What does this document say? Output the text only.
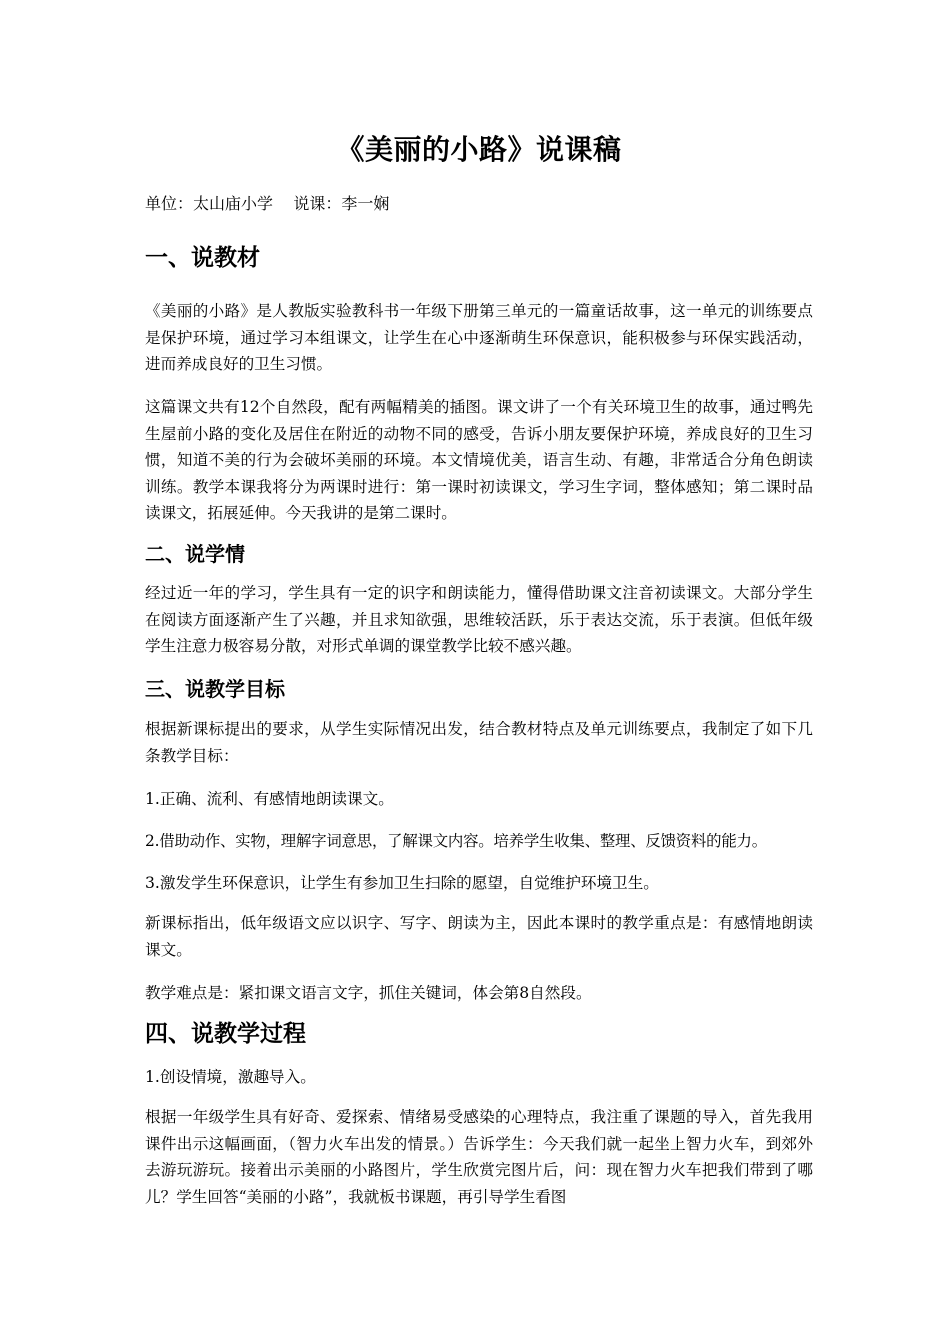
《美丽的小路》说课稿
单位：太山庙小学    说课：李一娴
一、说教材

《美丽的小路》是人教版实验教科书一年级下册第三单元的一篇童话故事，这一单元的训练要点是保护环境，通过学习本组课文，让学生在心中逐渐萌生环保意识，能积极参与环保实践活动，进而养成良好的卫生习惯。

这篇课文共有12个自然段，配有两幅精美的插图。课文讲了一个有关环境卫生的故事，通过鸭先生屋前小路的变化及居住在附近的动物不同的感受，告诉小朋友要保护环境，养成良好的卫生习惯，知道不美的行为会破坏美丽的环境。本文情境优美，语言生动、有趣，非常适合分角色朗读训练。教学本课我将分为两课时进行：第一课时初读课文，学习生字词，整体感知；第二课时品读课文，拓展延伸。今天我讲的是第二课时。

二、说学情

经过近一年的学习，学生具有一定的识字和朗读能力，懂得借助课文注音初读课文。大部分学生在阅读方面逐渐产生了兴趣，并且求知欲强，思维较活跃，乐于表达交流，乐于表演。但低年级学生注意力极容易分散，对形式单调的课堂教学比较不感兴趣。

三、说教学目标

根据新课标提出的要求，从学生实际情况出发，结合教材特点及单元训练要点，我制定了如下几条教学目标：

1.正确、流利、有感情地朗读课文。

2.借助动作、实物，理解字词意思，了解课文内容。培养学生收集、整理、反馈资料的能力。

3.激发学生环保意识，让学生有参加卫生扫除的愿望，自觉维护环境卫生。

新课标指出，低年级语文应以识字、写字、朗读为主，因此本课时的教学重点是：有感情地朗读课文。

教学难点是：紧扣课文语言文字，抓住关键词，体会第8自然段。

四、说教学过程

1.创设情境，激趣导入。

根据一年级学生具有好奇、爱探索、情绪易受感染的心理特点，我注重了课题的导入，首先我用课件出示这幅画面，（智力火车出发的情景。）告诉学生：今天我们就一起坐上智力火车，到郊外去游玩游玩。接着出示美丽的小路图片，学生欣赏完图片后，问：现在智力火车把我们带到了哪儿？学生回答“美丽的小路”，我就板书课题，再引导学生看图
